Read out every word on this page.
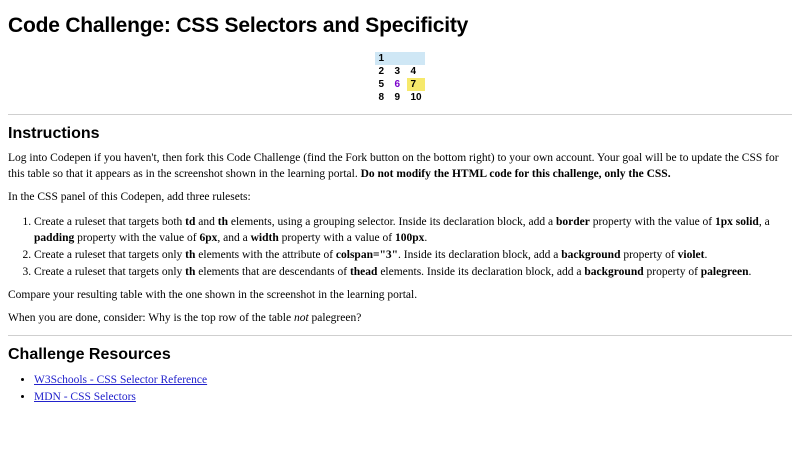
Code Challenge: CSS Selectors and Specificity
1		
2	3	4
5	6	7
8	9	10
Instructions

Log into Codepen if you haven't, then fork this Code Challenge (find the Fork button on the bottom right) to your own account. Your goal will be to update the CSS for this table so that it appears as in the screenshot shown in the learning portal. Do not modify the HTML code for this challenge, only the CSS.

In the CSS panel of this Codepen, add three rulesets:

1. Create a ruleset that targets both td and th elements, using a grouping selector. Inside its declaration block, add a border property with the value of 1px solid, a padding property with the value of 6px, and a width property with a value of 100px.
2. Create a ruleset that targets only th elements with the attribute of colspan="3". Inside its declaration block, add a background property of violet.
3. Create a ruleset that targets only th elements that are descendants of thead elements. Inside its declaration block, add a background property of palegreen.

Compare your resulting table with the one shown in the screenshot in the learning portal.

When you are done, consider: Why is the top row of the table not palegreen?

Challenge Resources
• W3Schools - CSS Selector Reference
• MDN - CSS Selectors
